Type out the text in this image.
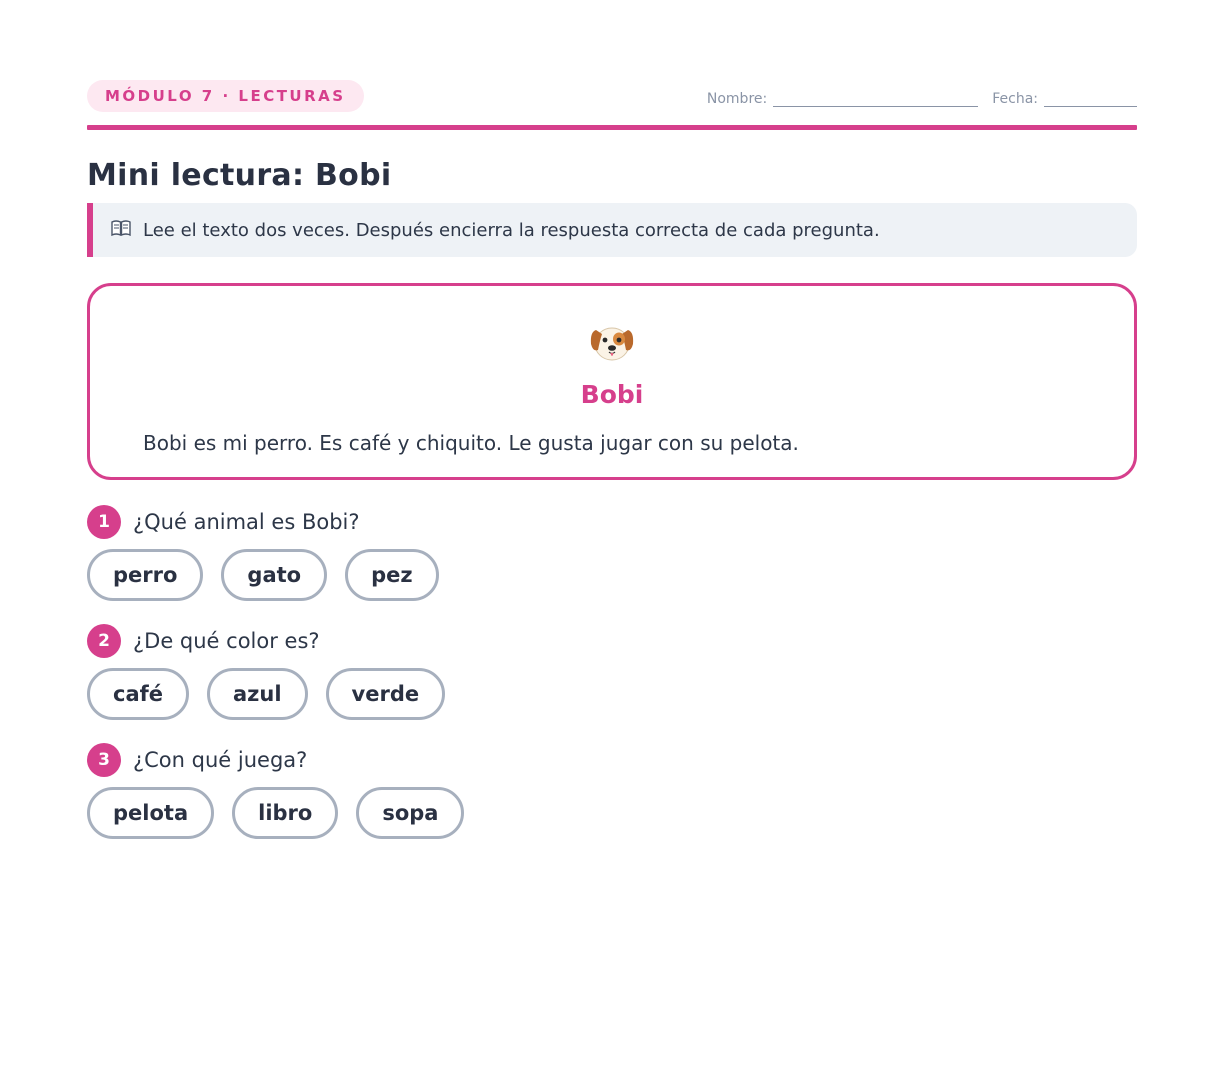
MÓDULO 7 · LECTURAS	Nombre:	Fecha:
Mini lectura: Bobi
Lee el texto dos veces. Después encierra la respuesta correcta de cada pregunta.
Bobi
Bobi es mi perro. Es café y chiquito. Le gusta jugar con su pelota.
1	¿Qué animal es Bobi?
perro	gato	pez
2	¿De qué color es?
café	azul	verde
3	¿Con qué juega?
pelota	libro	sopa
